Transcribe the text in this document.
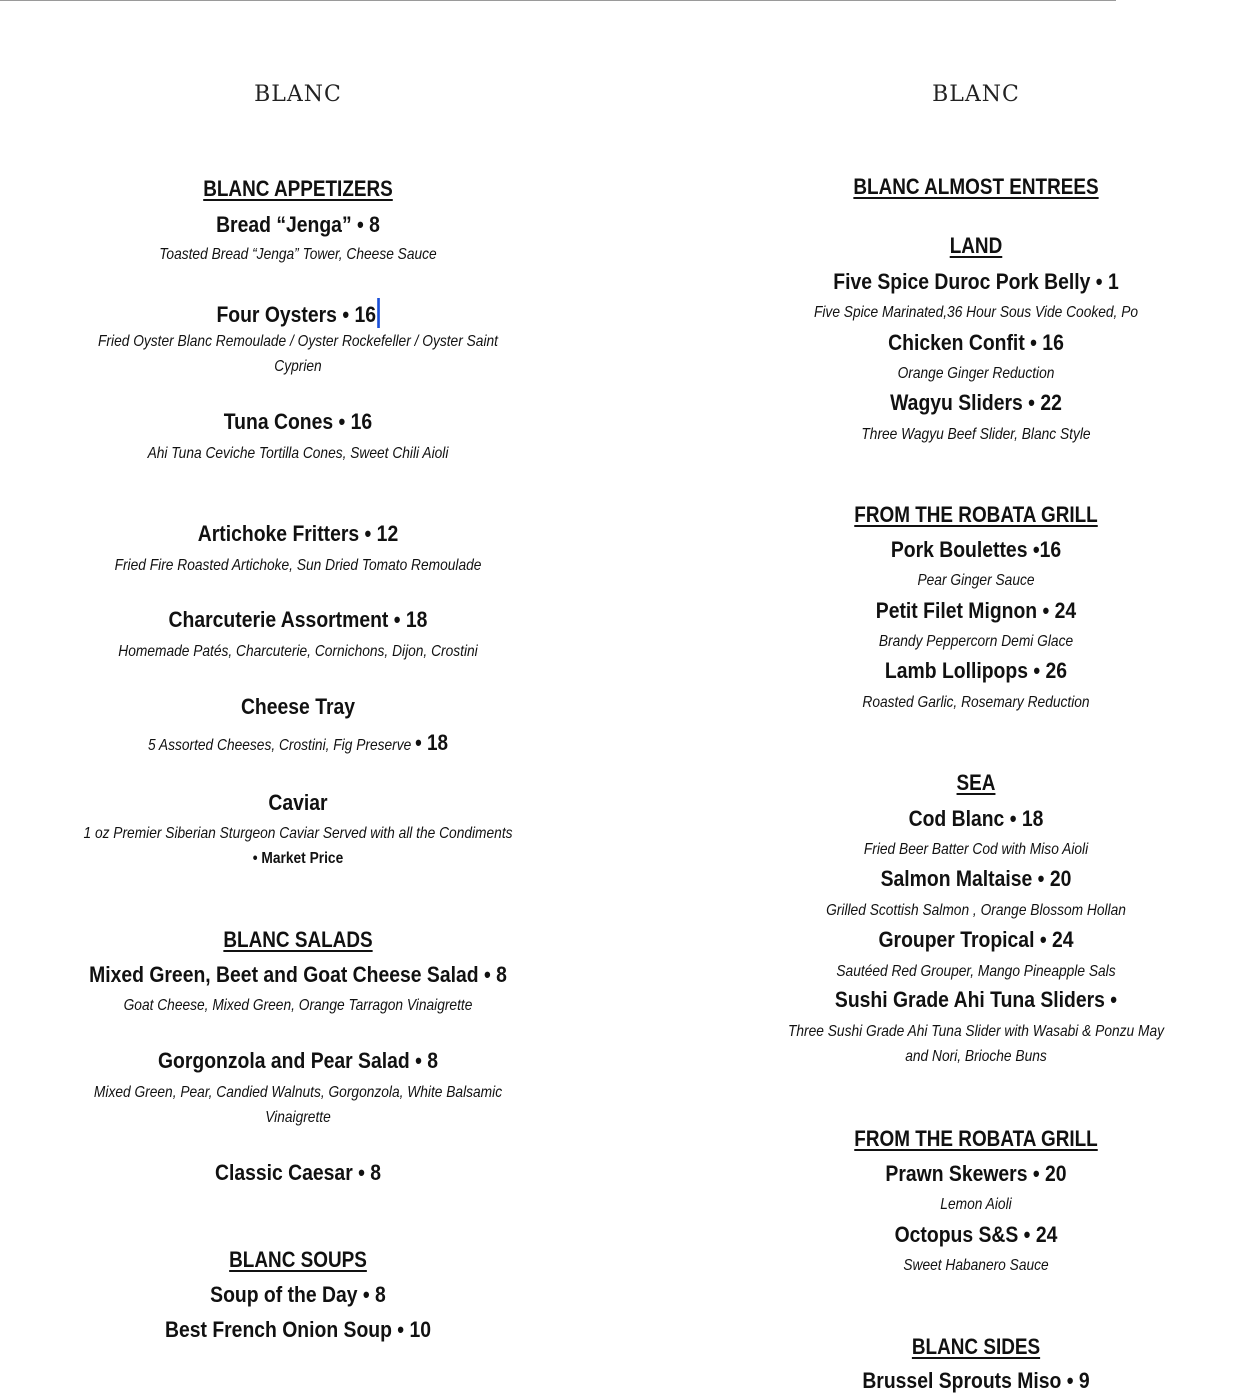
BLANC
BLANC APPETIZERS
Bread “Jenga” • 8
Toasted Bread “Jenga” Tower, Cheese Sauce
Four Oysters • 16
Fried Oyster Blanc Remoulade / Oyster Rockefeller / Oyster Saint
Cyprien
Tuna Cones • 16
Ahi Tuna Ceviche Tortilla Cones, Sweet Chili Aioli
Artichoke Fritters • 12
Fried Fire Roasted Artichoke, Sun Dried Tomato Remoulade
Charcuterie Assortment • 18
Homemade Patés, Charcuterie, Cornichons, Dijon, Crostini
Cheese Tray
5 Assorted Cheeses, Crostini, Fig Preserve • 18
Caviar
1 oz Premier Siberian Sturgeon Caviar Served with all the Condiments
• Market Price
BLANC SALADS
Mixed Green, Beet and Goat Cheese Salad • 8
Goat Cheese, Mixed Green, Orange Tarragon Vinaigrette
Gorgonzola and Pear Salad • 8
Mixed Green, Pear, Candied Walnuts, Gorgonzola, White Balsamic
Vinaigrette
Classic Caesar • 8
BLANC SOUPS
Soup of the Day • 8
Best French Onion Soup • 10
BLANC
BLANC ALMOST ENTREES
LAND
Five Spice Duroc Pork Belly • 1
Five Spice Marinated,36 Hour Sous Vide Cooked, Po
Chicken Confit • 16
Orange Ginger Reduction
Wagyu Sliders • 22
Three Wagyu Beef Slider, Blanc Style
FROM THE ROBATA GRILL
Pork Boulettes •16
Pear Ginger Sauce
Petit Filet Mignon • 24
Brandy Peppercorn Demi Glace
Lamb Lollipops • 26
Roasted Garlic, Rosemary Reduction
SEA
Cod Blanc • 18
Fried Beer Batter Cod with Miso Aioli
Salmon Maltaise • 20
Grilled Scottish Salmon , Orange Blossom Hollan
Grouper Tropical • 24
Sautéed Red Grouper, Mango Pineapple Sals
Sushi Grade Ahi Tuna Sliders •
Three Sushi Grade Ahi Tuna Slider with Wasabi & Ponzu May
and Nori, Brioche Buns
FROM THE ROBATA GRILL
Prawn Skewers • 20
Lemon Aioli
Octopus S&S • 24
Sweet Habanero Sauce
BLANC SIDES
Brussel Sprouts Miso • 9
